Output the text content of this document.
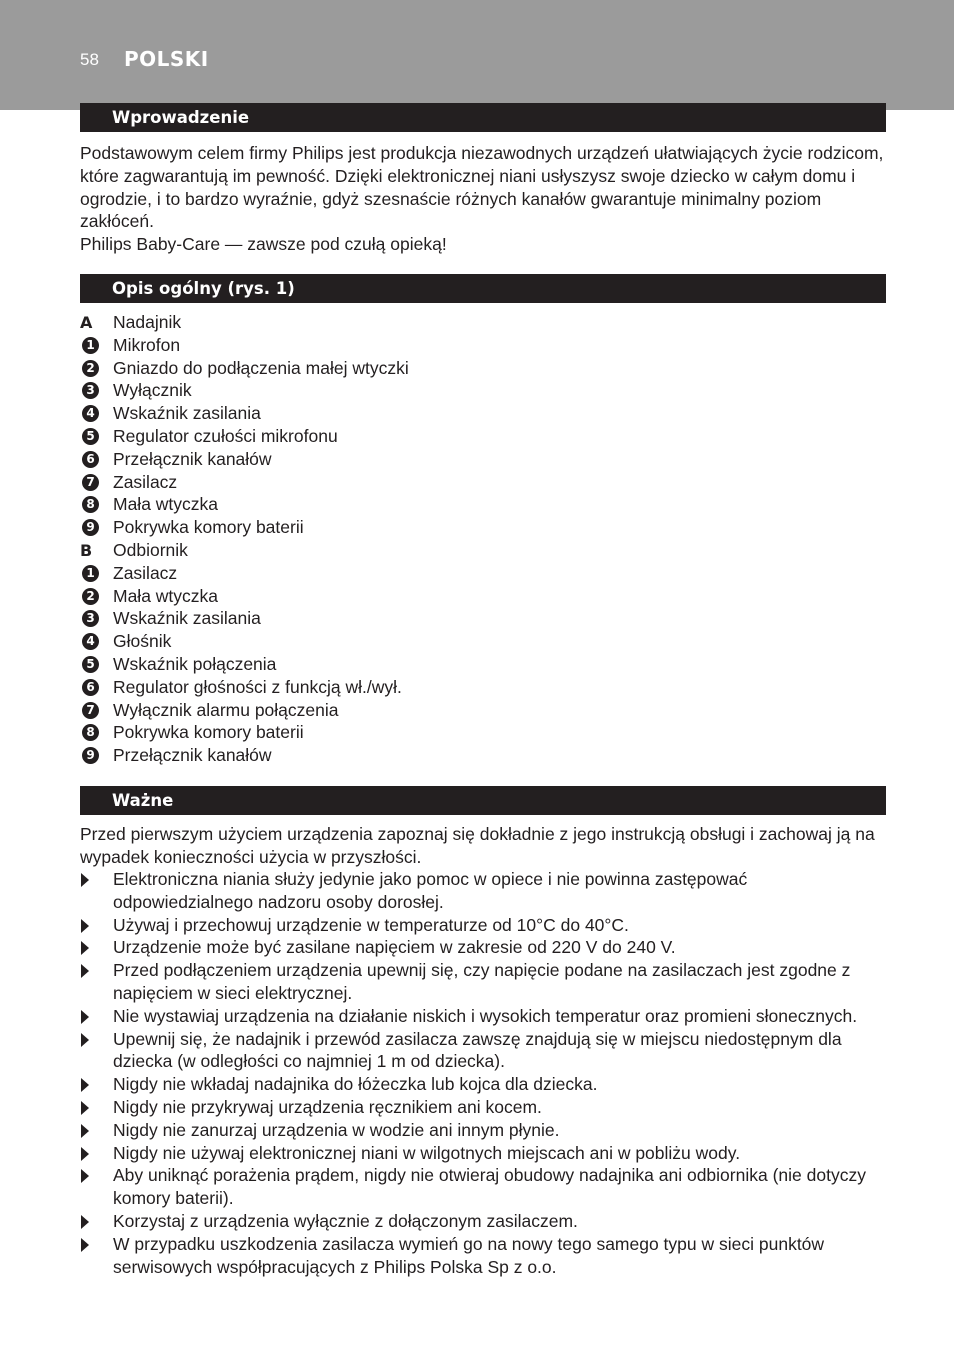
58 POLSKI
Wprowadzenie

Podstawowym celem firmy Philips jest produkcja niezawodnych urządzeń ułatwiających życie rodzicom, które zagwarantują im pewność. Dzięki elektronicznej niani usłyszysz swoje dziecko w całym domu i ogrodzie, i to bardzo wyraźnie, gdyż szesnaście różnych kanałów gwarantuje minimalny poziom zakłóceń.

Philips Baby-Care — zawsze pod czułą opieką!

Opis ogólny (rys. 1)
A	Nadajnik
1 Mikrofon
2 Gniazdo do podłączenia małej wtyczki
3 Wyłącznik
4 Wskaźnik zasilania
5 Regulator czułości mikrofonu
6 Przełącznik kanałów
7 Zasilacz
8 Mała wtyczka
9 Pokrywka komory baterii
B	Odbiornik
1 Zasilacz
2 Mała wtyczka
3 Wskaźnik zasilania
4 Głośnik
5 Wskaźnik połączenia
6 Regulator głośności z funkcją wł./wył.
7 Wyłącznik alarmu połączenia
8 Pokrywka komory baterii
9 Przełącznik kanałów
Ważne
Przed pierwszym użyciem urządzenia zapoznaj się dokładnie z jego instrukcją obsługi i zachowaj ją na wypadek konieczności użycia w przyszłości.
Elektroniczna niania służy jedynie jako pomoc w opiece i nie powinna zastępować odpowiedzialnego nadzoru osoby dorosłej.
Używaj i przechowuj urządzenie w temperaturze od 10°C do 40°C.
Urządzenie może być zasilane napięciem w zakresie od 220 V do 240 V.
Przed podłączeniem urządzenia upewnij się, czy napięcie podane na zasilaczach jest zgodne z napięciem w sieci elektrycznej.
Nie wystawiaj urządzenia na działanie niskich i wysokich temperatur oraz promieni słonecznych.
Upewnij się, że nadajnik i przewód zasilacza zawszę znajdują się w miejscu niedostępnym dla dziecka (w odległości co najmniej 1 m od dziecka).
Nigdy nie wkładaj nadajnika do łóżeczka lub kojca dla dziecka.
Nigdy nie przykrywaj urządzenia ręcznikiem ani kocem.
Nigdy nie zanurzaj urządzenia w wodzie ani innym płynie.
Nigdy nie używaj elektronicznej niani w wilgotnych miejscach ani w pobliżu wody.
Aby uniknąć porażenia prądem, nigdy nie otwieraj obudowy nadajnika ani odbiornika (nie dotyczy komory baterii).
Korzystaj z urządzenia wyłącznie z dołączonym zasilaczem.
W przypadku uszkodzenia zasilacza wymień go na nowy tego samego typu w sieci punktów serwisowych współpracujących z Philips Polska Sp z o.o.
